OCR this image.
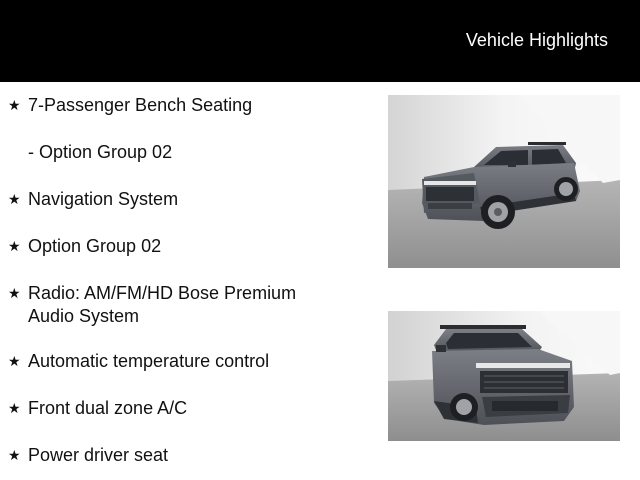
Vehicle Highlights
★ 7-Passenger Bench Seating
- Option Group 02
★ Navigation System
★ Option Group 02
★ Radio: AM/FM/HD Bose Premium Audio System
★ Automatic temperature control
★ Front dual zone A/C
★ Power driver seat
